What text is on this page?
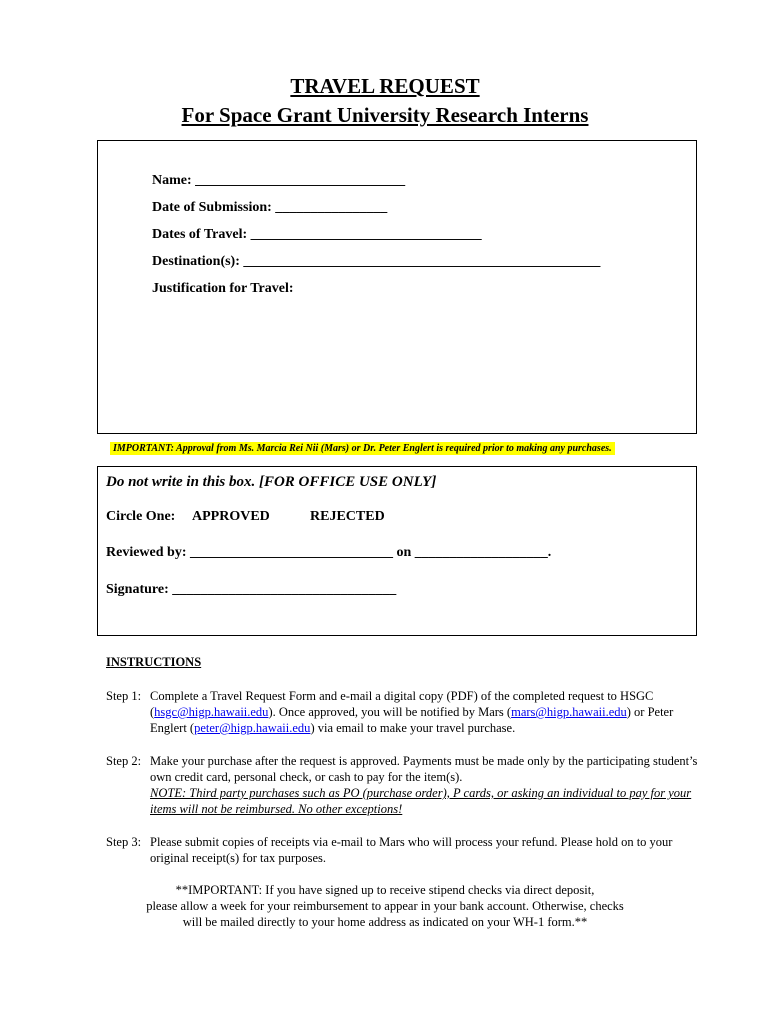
TRAVEL REQUEST
For Space Grant University Research Interns
Name: ______________________________
Date of Submission: ________________
Dates of Travel: _________________________________
Destination(s): ___________________________________________________
Justification for Travel:
IMPORTANT: Approval from Ms. Marcia Rei Nii (Mars) or Dr. Peter Englert is required prior to making any purchases.
Do not write in this box. [FOR OFFICE USE ONLY]
Circle One: APPROVED	REJECTED
Reviewed by: _____________________________ on ___________________.
Signature: ________________________________
INSTRUCTIONS
Step 1: Complete a Travel Request Form and e-mail a digital copy (PDF) of the completed request to HSGC (hsgc@higp.hawaii.edu). Once approved, you will be notified by Mars (mars@higp.hawaii.edu) or Peter Englert (peter@higp.hawaii.edu) via email to make your travel purchase.
Step 2: Make your purchase after the request is approved. Payments must be made only by the participating student’s own credit card, personal check, or cash to pay for the item(s).
NOTE: Third party purchases such as PO (purchase order), P cards, or asking an individual to pay for your items will not be reimbursed. No other exceptions!
Step 3: Please submit copies of receipts via e-mail to Mars who will process your refund. Please hold on to your original receipt(s) for tax purposes.
**IMPORTANT: If you have signed up to receive stipend checks via direct deposit,
please allow a week for your reimbursement to appear in your bank account. Otherwise, checks
will be mailed directly to your home address as indicated on your WH-1 form.**
